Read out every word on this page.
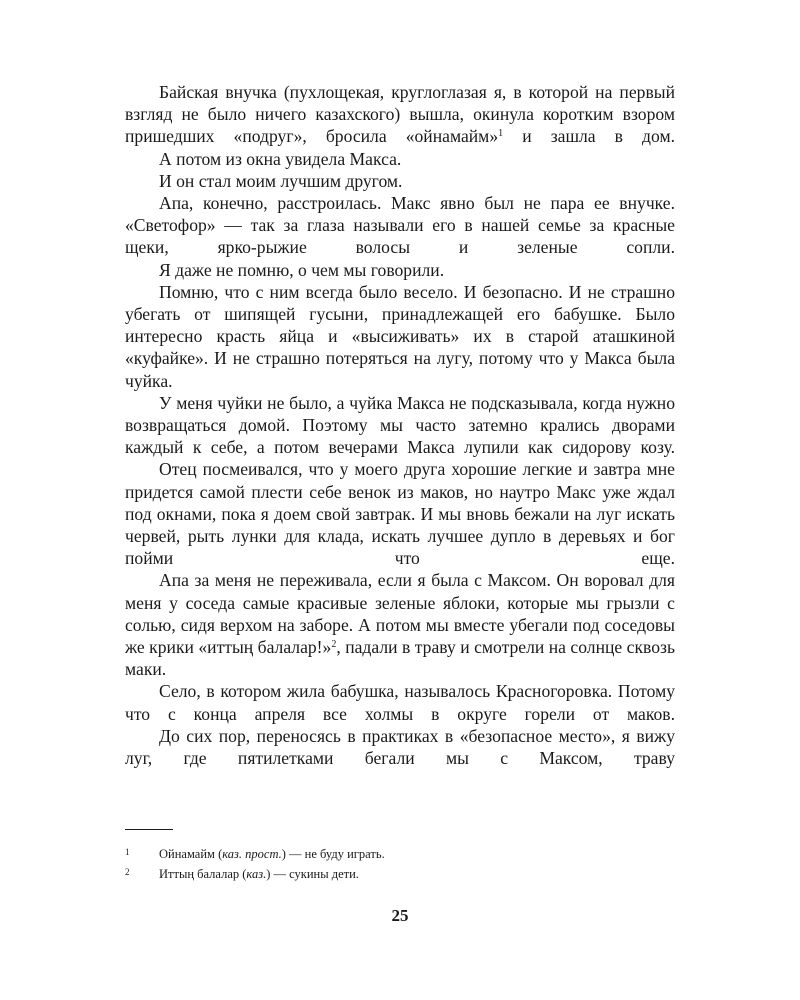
Байская внучка (пухлощекая, круглоглазая я, в которой на первый взгляд не было ничего казахского) вышла, окинула коротким взором пришедших «подруг», бросила «ойнамайм»$^1$ и зашла в дом.

А потом из окна увидела Макса.

И он стал моим лучшим другом.

Апа, конечно, расстроилась. Макс явно был не пара ее внучке. «Светофор» — так за глаза называли его в нашей семье за красные щеки, ярко-рыжие волосы и зеленые сопли.

Я даже не помню, о чем мы говорили.

Помню, что с ним всегда было весело. И безопасно. И не страшно убегать от шипящей гусыни, принадлежащей его бабушке. Было интересно красть яйца и «высиживать» их в старой аташкиной «куфайке». И не страшно потеряться на лугу, потому что у Макса была чуйка.

У меня чуйки не было, а чуйка Макса не подсказывала, когда нужно возвращаться домой. Поэтому мы часто затемно крались дворами каждый к себе, а потом вечерами Макса лупили как сидорову козу.

Отец посмеивался, что у моего друга хорошие легкие и завтра мне придется самой плести себе венок из маков, но наутро Макс уже ждал под окнами, пока я доем свой завтрак. И мы вновь бежали на луг искать червей, рыть лунки для клада, искать лучшее дупло в деревьях и бог пойми что еще.

Апа за меня не переживала, если я была с Максом. Он воровал для меня у соседа самые красивые зеленые яблоки, которые мы грызли с солью, сидя верхом на заборе. А потом мы вместе убегали под соседовы же крики «иттың балалар!»$^2$, падали в траву и смотрели на солнце сквозь маки.

Село, в котором жила бабушка, называлось Красногоровка. Потому что с конца апреля все холмы в округе горели от маков.

До сих пор, переносясь в практиках в «безопасное место», я вижу луг, где пятилетками бегали мы с Максом, траву

1	Ойнамайм (каз. прост.) — не буду играть.
2	Иттың балалар (каз.) — сукины дети.
25
